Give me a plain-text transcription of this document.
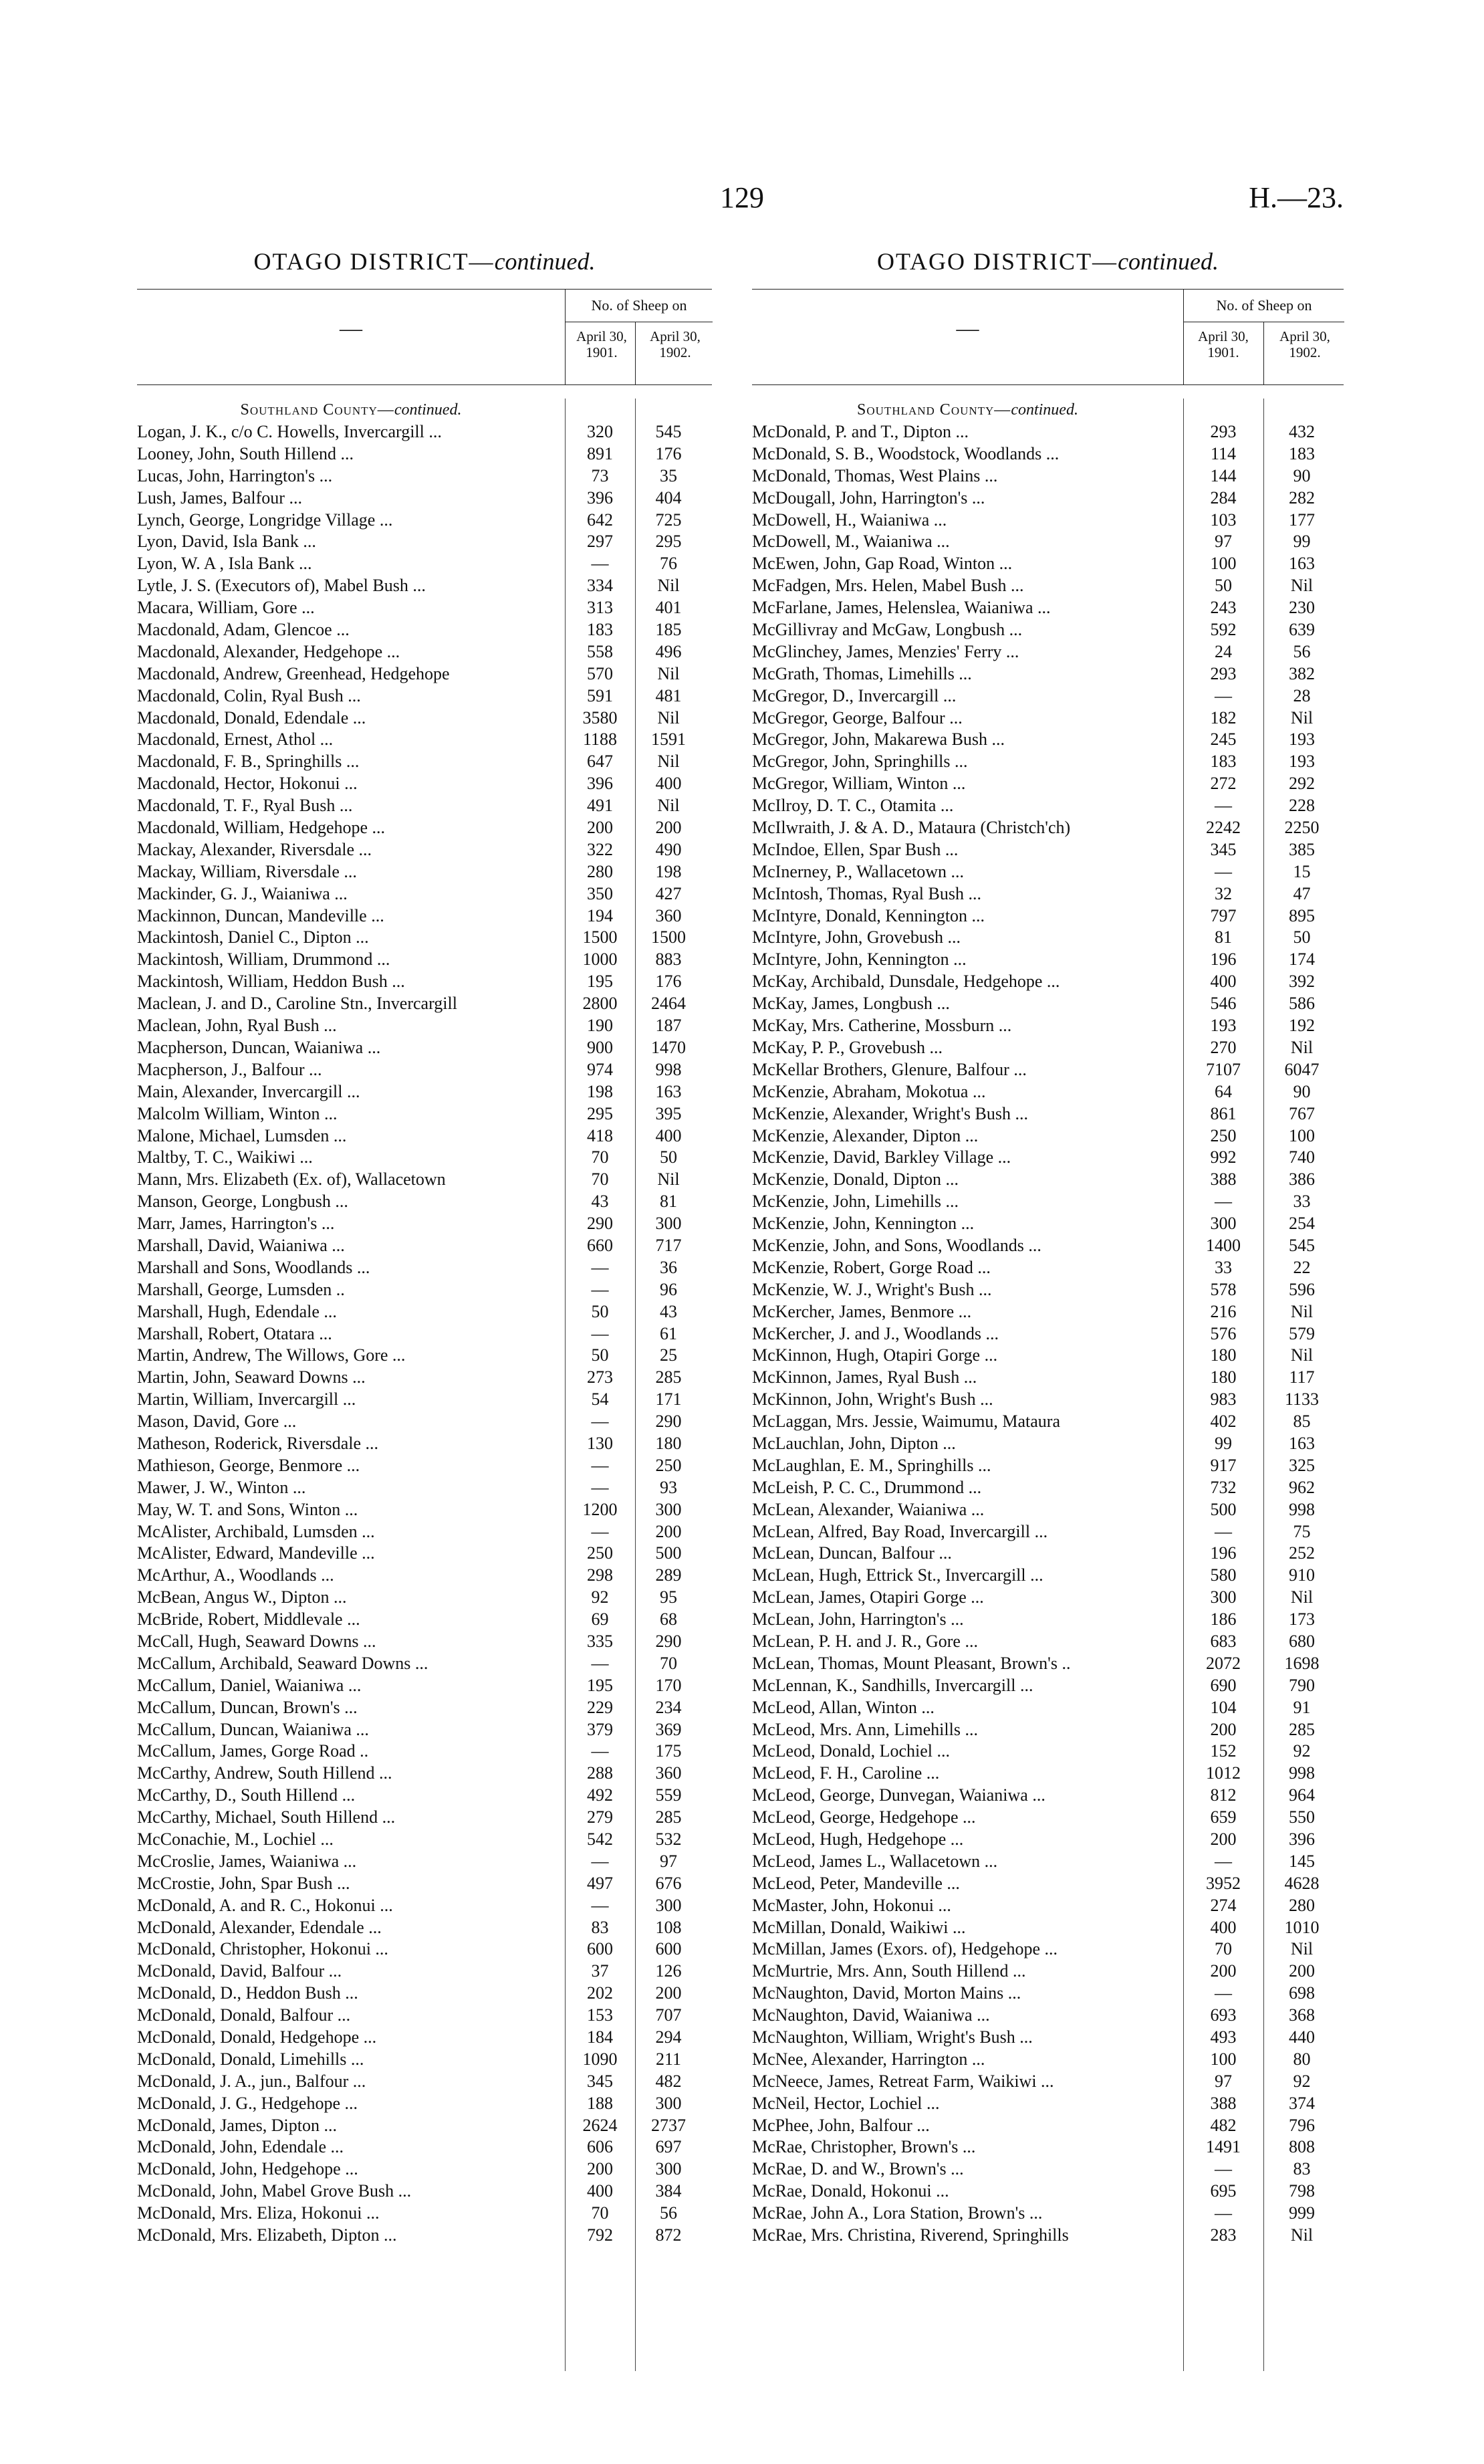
129	H.—23.
OTAGO DISTRICT—continued.
—
No. of Sheep on
April 30, 1901.
April 30, 1902.
Southland County—continued.
Logan, J. K., c/o C. Howells, Invercargill ...	320	545
Looney, John, South Hillend ...	891	176
Lucas, John, Harrington's ...	73	35
Lush, James, Balfour ...	396	404
Lynch, George, Longridge Village ...	642	725
Lyon, David, Isla Bank ...	297	295
Lyon, W. A , Isla Bank ...	—	76
Lytle, J. S. (Executors of), Mabel Bush ...	334	Nil
Macara, William, Gore ...	313	401
Macdonald, Adam, Glencoe ...	183	185
Macdonald, Alexander, Hedgehope ...	558	496
Macdonald, Andrew, Greenhead, Hedgehope	570	Nil
Macdonald, Colin, Ryal Bush ...	591	481
Macdonald, Donald, Edendale ...	3580	Nil
Macdonald, Ernest, Athol ...	1188	1591
Macdonald, F. B., Springhills ...	647	Nil
Macdonald, Hector, Hokonui ...	396	400
Macdonald, T. F., Ryal Bush ...	491	Nil
Macdonald, William, Hedgehope ...	200	200
Mackay, Alexander, Riversdale ...	322	490
Mackay, William, Riversdale ...	280	198
Mackinder, G. J., Waianiwa ...	350	427
Mackinnon, Duncan, Mandeville ...	194	360
Mackintosh, Daniel C., Dipton ...	1500	1500
Mackintosh, William, Drummond ...	1000	883
Mackintosh, William, Heddon Bush ...	195	176
Maclean, J. and D., Caroline Stn., Invercargill	2800	2464
Maclean, John, Ryal Bush ...	190	187
Macpherson, Duncan, Waianiwa ...	900	1470
Macpherson, J., Balfour ...	974	998
Main, Alexander, Invercargill ...	198	163
Malcolm William, Winton ...	295	395
Malone, Michael, Lumsden ...	418	400
Maltby, T. C., Waikiwi ...	70	50
Mann, Mrs. Elizabeth (Ex. of), Wallacetown	70	Nil
Manson, George, Longbush ...	43	81
Marr, James, Harrington's ...	290	300
Marshall, David, Waianiwa ...	660	717
Marshall and Sons, Woodlands ...	—	36
Marshall, George, Lumsden ..	—	96
Marshall, Hugh, Edendale ...	50	43
Marshall, Robert, Otatara ...	—	61
Martin, Andrew, The Willows, Gore ...	50	25
Martin, John, Seaward Downs ...	273	285
Martin, William, Invercargill ...	54	171
Mason, David, Gore ...	—	290
Matheson, Roderick, Riversdale ...	130	180
Mathieson, George, Benmore ...	—	250
Mawer, J. W., Winton ...	—	93
May, W. T. and Sons, Winton ...	1200	300
McAlister, Archibald, Lumsden ...	—	200
McAlister, Edward, Mandeville ...	250	500
McArthur, A., Woodlands ...	298	289
McBean, Angus W., Dipton ...	92	95
McBride, Robert, Middlevale ...	69	68
McCall, Hugh, Seaward Downs ...	335	290
McCallum, Archibald, Seaward Downs ...	—	70
McCallum, Daniel, Waianiwa ...	195	170
McCallum, Duncan, Brown's ...	229	234
McCallum, Duncan, Waianiwa ...	379	369
McCallum, James, Gorge Road ..	—	175
McCarthy, Andrew, South Hillend ...	288	360
McCarthy, D., South Hillend ...	492	559
McCarthy, Michael, South Hillend ...	279	285
McConachie, M., Lochiel ...	542	532
McCroslie, James, Waianiwa ...	—	97
McCrostie, John, Spar Bush ...	497	676
McDonald, A. and R. C., Hokonui ...	—	300
McDonald, Alexander, Edendale ...	83	108
McDonald, Christopher, Hokonui ...	600	600
McDonald, David, Balfour ...	37	126
McDonald, D., Heddon Bush ...	202	200
McDonald, Donald, Balfour ...	153	707
McDonald, Donald, Hedgehope ...	184	294
McDonald, Donald, Limehills ...	1090	211
McDonald, J. A., jun., Balfour ...	345	482
McDonald, J. G., Hedgehope ...	188	300
McDonald, James, Dipton ...	2624	2737
McDonald, John, Edendale ...	606	697
McDonald, John, Hedgehope ...	200	300
McDonald, John, Mabel Grove Bush ...	400	384
McDonald, Mrs. Eliza, Hokonui ...	70	56
McDonald, Mrs. Elizabeth, Dipton ...	792	872
OTAGO DISTRICT—continued.
—
No. of Sheep on
April 30, 1901.
April 30, 1902.
Southland County—continued.
McDonald, P. and T., Dipton ...	293	432
McDonald, S. B., Woodstock, Woodlands ...	114	183
McDonald, Thomas, West Plains ...	144	90
McDougall, John, Harrington's ...	284	282
McDowell, H., Waianiwa ...	103	177
McDowell, M., Waianiwa ...	97	99
McEwen, John, Gap Road, Winton ...	100	163
McFadgen, Mrs. Helen, Mabel Bush ...	50	Nil
McFarlane, James, Helenslea, Waianiwa ...	243	230
McGillivray and McGaw, Longbush ...	592	639
McGlinchey, James, Menzies' Ferry ...	24	56
McGrath, Thomas, Limehills ...	293	382
McGregor, D., Invercargill ...	—	28
McGregor, George, Balfour ...	182	Nil
McGregor, John, Makarewa Bush ...	245	193
McGregor, John, Springhills ...	183	193
McGregor, William, Winton ...	272	292
McIlroy, D. T. C., Otamita ...	—	228
McIlwraith, J. & A. D., Mataura (Christch'ch)	2242	2250
McIndoe, Ellen, Spar Bush ...	345	385
McInerney, P., Wallacetown ...	—	15
McIntosh, Thomas, Ryal Bush ...	32	47
McIntyre, Donald, Kennington ...	797	895
McIntyre, John, Grovebush ...	81	50
McIntyre, John, Kennington ...	196	174
McKay, Archibald, Dunsdale, Hedgehope ...	400	392
McKay, James, Longbush ...	546	586
McKay, Mrs. Catherine, Mossburn ...	193	192
McKay, P. P., Grovebush ...	270	Nil
McKellar Brothers, Glenure, Balfour ...	7107	6047
McKenzie, Abraham, Mokotua ...	64	90
McKenzie, Alexander, Wright's Bush ...	861	767
McKenzie, Alexander, Dipton ...	250	100
McKenzie, David, Barkley Village ...	992	740
McKenzie, Donald, Dipton ...	388	386
McKenzie, John, Limehills ...	—	33
McKenzie, John, Kennington ...	300	254
McKenzie, John, and Sons, Woodlands ...	1400	545
McKenzie, Robert, Gorge Road ...	33	22
McKenzie, W. J., Wright's Bush ...	578	596
McKercher, James, Benmore ...	216	Nil
McKercher, J. and J., Woodlands ...	576	579
McKinnon, Hugh, Otapiri Gorge ...	180	Nil
McKinnon, James, Ryal Bush ...	180	117
McKinnon, John, Wright's Bush ...	983	1133
McLaggan, Mrs. Jessie, Waimumu, Mataura	402	85
McLauchlan, John, Dipton ...	99	163
McLaughlan, E. M., Springhills ...	917	325
McLeish, P. C. C., Drummond ...	732	962
McLean, Alexander, Waianiwa ...	500	998
McLean, Alfred, Bay Road, Invercargill ...	—	75
McLean, Duncan, Balfour ...	196	252
McLean, Hugh, Ettrick St., Invercargill ...	580	910
McLean, James, Otapiri Gorge ...	300	Nil
McLean, John, Harrington's ...	186	173
McLean, P. H. and J. R., Gore ...	683	680
McLean, Thomas, Mount Pleasant, Brown's ..	2072	1698
McLennan, K., Sandhills, Invercargill ...	690	790
McLeod, Allan, Winton ...	104	91
McLeod, Mrs. Ann, Limehills ...	200	285
McLeod, Donald, Lochiel ...	152	92
McLeod, F. H., Caroline ...	1012	998
McLeod, George, Dunvegan, Waianiwa ...	812	964
McLeod, George, Hedgehope ...	659	550
McLeod, Hugh, Hedgehope ...	200	396
McLeod, James L., Wallacetown ...	—	145
McLeod, Peter, Mandeville ...	3952	4628
McMaster, John, Hokonui ...	274	280
McMillan, Donald, Waikiwi ...	400	1010
McMillan, James (Exors. of), Hedgehope ...	70	Nil
McMurtrie, Mrs. Ann, South Hillend ...	200	200
McNaughton, David, Morton Mains ...	—	698
McNaughton, David, Waianiwa ...	693	368
McNaughton, William, Wright's Bush ...	493	440
McNee, Alexander, Harrington ...	100	80
McNeece, James, Retreat Farm, Waikiwi ...	97	92
McNeil, Hector, Lochiel ...	388	374
McPhee, John, Balfour ...	482	796
McRae, Christopher, Brown's ...	1491	808
McRae, D. and W., Brown's ...	—	83
McRae, Donald, Hokonui ...	695	798
McRae, John A., Lora Station, Brown's ...	—	999
McRae, Mrs. Christina, Riverend, Springhills	283	Nil
